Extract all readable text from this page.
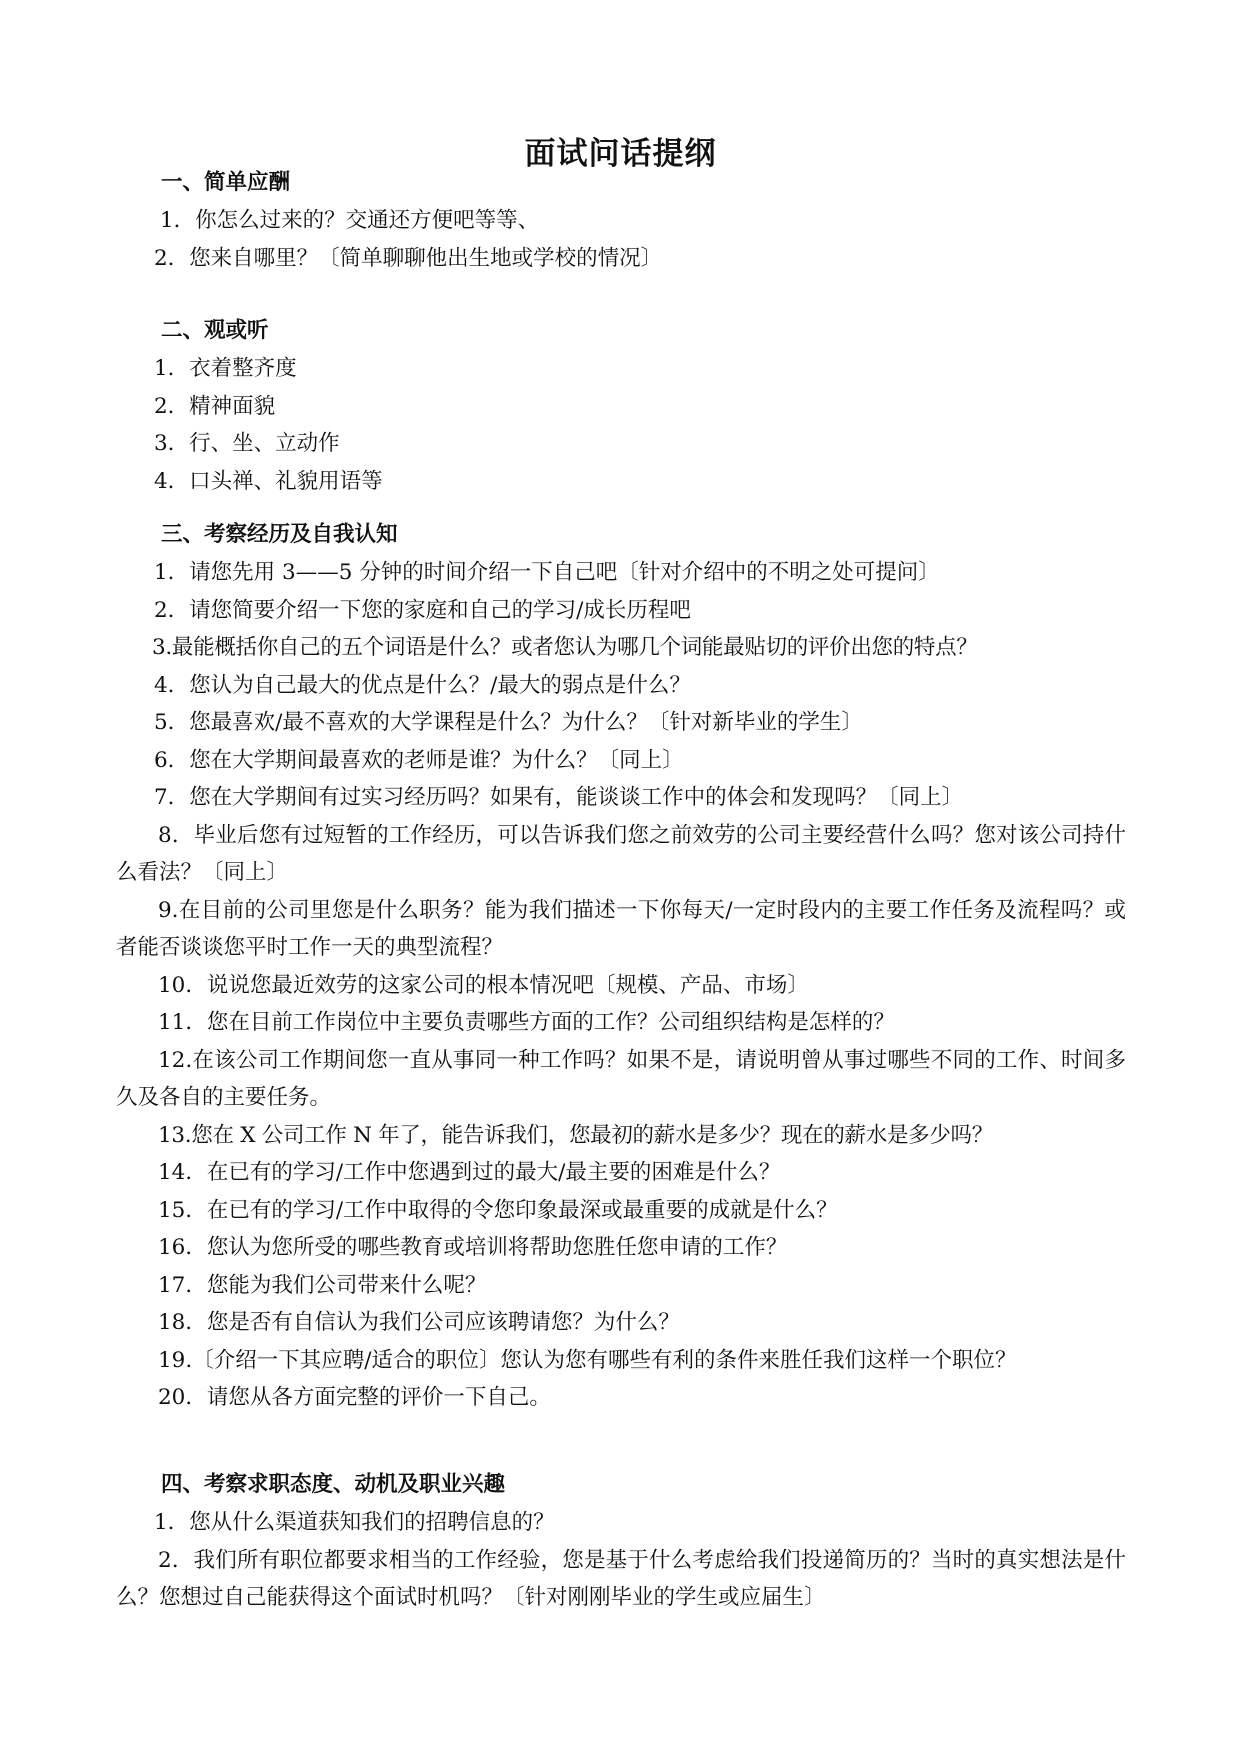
面试问话提纲
一、简单应酬

1．你怎么过来的？交通还方便吧等等、

2．您来自哪里？〔简单聊聊他出生地或学校的情况〕

二、观或听

1．衣着整齐度

2．精神面貌

3．行、坐、立动作

4．口头禅、礼貌用语等

三、考察经历及自我认知

1．请您先用 3——5 分钟的时间介绍一下自己吧〔针对介绍中的不明之处可提问〕

2．请您简要介绍一下您的家庭和自己的学习/成长历程吧

3.最能概括你自己的五个词语是什么？或者您认为哪几个词能最贴切的评价出您的特点？

4．您认为自己最大的优点是什么？/最大的弱点是什么？

5．您最喜欢/最不喜欢的大学课程是什么？为什么？〔针对新毕业的学生〕

6．您在大学期间最喜欢的老师是谁？为什么？〔同上〕

7．您在大学期间有过实习经历吗？如果有，能谈谈工作中的体会和发现吗？〔同上〕

8．毕业后您有过短暂的工作经历，可以告诉我们您之前效劳的公司主要经营什么吗？您对该公司持什么看法？〔同上〕

9.在目前的公司里您是什么职务？能为我们描述一下你每天/一定时段内的主要工作任务及流程吗？或者能否谈谈您平时工作一天的典型流程？

10．说说您最近效劳的这家公司的根本情况吧〔规模、产品、市场〕

11．您在目前工作岗位中主要负责哪些方面的工作？公司组织结构是怎样的？

12.在该公司工作期间您一直从事同一种工作吗？如果不是，请说明曾从事过哪些不同的工作、时间多久及各自的主要任务。

13.您在 X 公司工作 N 年了，能告诉我们，您最初的薪水是多少？现在的薪水是多少吗？

14．在已有的学习/工作中您遇到过的最大/最主要的困难是什么？

15．在已有的学习/工作中取得的令您印象最深或最重要的成就是什么？

16．您认为您所受的哪些教育或培训将帮助您胜任您申请的工作？

17．您能为我们公司带来什么呢？

18．您是否有自信认为我们公司应该聘请您？为什么？

19.〔介绍一下其应聘/适合的职位〕您认为您有哪些有利的条件来胜任我们这样一个职位？

20．请您从各方面完整的评价一下自己。

四、考察求职态度、动机及职业兴趣

1．您从什么渠道获知我们的招聘信息的？

2．我们所有职位都要求相当的工作经验，您是基于什么考虑给我们投递简历的？当时的真实想法是什么？您想过自己能获得这个面试时机吗？〔针对刚刚毕业的学生或应届生〕
